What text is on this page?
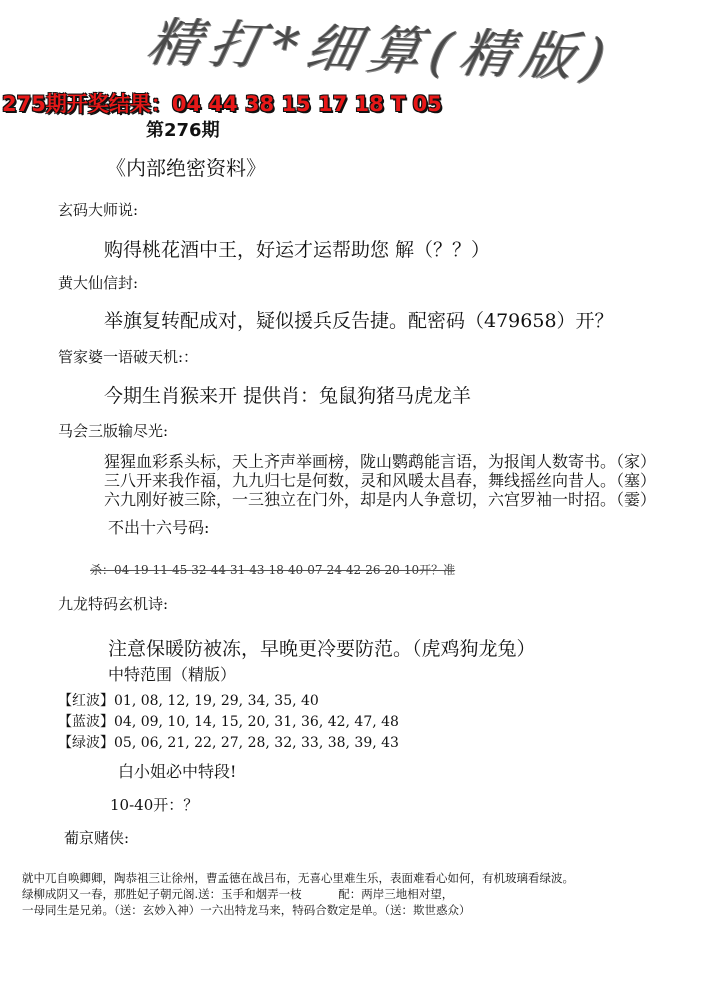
精打*细算(精版)
275期开奖结果：04 44 38 15 17 18 T 05
第276期
《内部绝密资料》
玄码大师说:
购得桃花酒中王，好运才运帮助您 解（？？）
黄大仙信封:
举旗复转配成对，疑似援兵反告捷。配密码（479658）开？
管家婆一语破天机:：
今期生肖猴来开 提供肖：兔鼠狗猪马虎龙羊
马会三版输尽光:
猩猩血彩系头标，天上齐声举画榜，陇山鹦鹉能言语，为报闺人数寄书。（家）
三八开来我作福，九九归七是何数，灵和风暖太昌春，舞线摇丝向昔人。（塞）
六九刚好被三除，一三独立在门外，却是内人争意切，六宫罗袖一时招。（霎）
不出十六号码:
杀：04-19-11-45-32-44-31-43-18-40-07-24-42-26-20-10开？准
九龙特码玄机诗:
注意保暖防被冻，早晚更冷要防范。（虎鸡狗龙兔）
中特范围（精版）
【红波】01, 08, 12, 19, 29, 34, 35, 40
【蓝波】04, 09, 10, 14, 15, 20, 31, 36, 42, 47, 48
【绿波】05, 06, 21, 22, 27, 28, 32, 33, 38, 39, 43
白小姐必中特段!
10-40开：？
葡京赌侠:
就中兀自唤卿卿，陶恭祖三让徐州，曹孟德在战吕布，无喜心里难生乐，表面难看心如何，有机玻璃看绿波。
绿柳成阴又一春，那胜妃子朝元阁.送：玉手和烟弄一枝          配：两岸三地相对望，
一母同生是兄弟。（送：玄妙入神）一六出特龙马来，特码合数定是单。（送：欺世惑众）
